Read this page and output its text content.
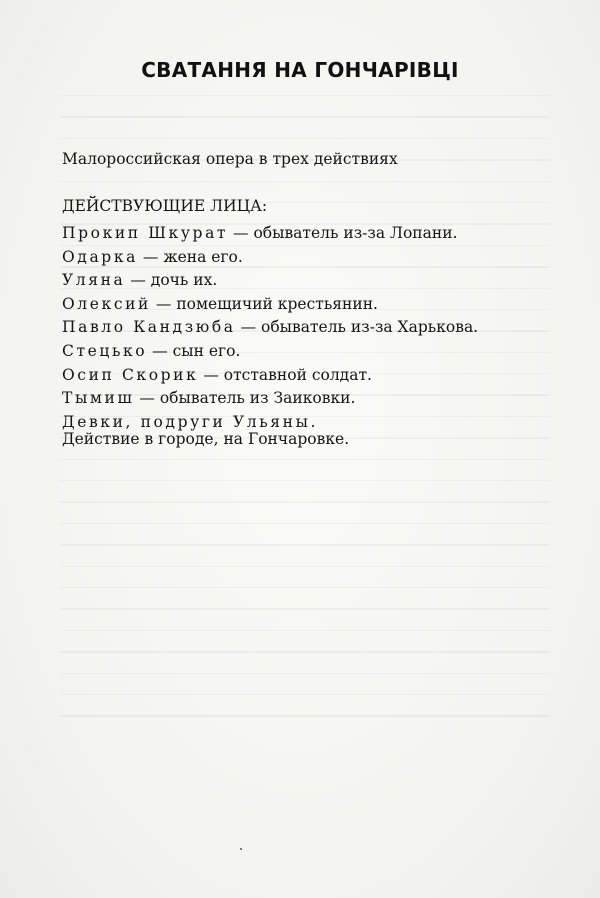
СВАТАННЯ НА ГОНЧАРІВЦІ
Малороссийская опера в трех действиях
ДЕЙСТВУЮЩИЕ ЛИЦА:
Прокип Шкурат — обыватель из-за Лопани.
Одарка — жена его.
Уляна — дочь их.
Олексий — помещичий крестьянин.
Павло Кандзюба — обыватель из-за Харькова.
Стецько — сын его.
Осип Скорик — отставной солдат.
Тымиш — обыватель из Заиковки.
Девки, подруги Ульяны.
Действие в городе, на Гончаровке.
